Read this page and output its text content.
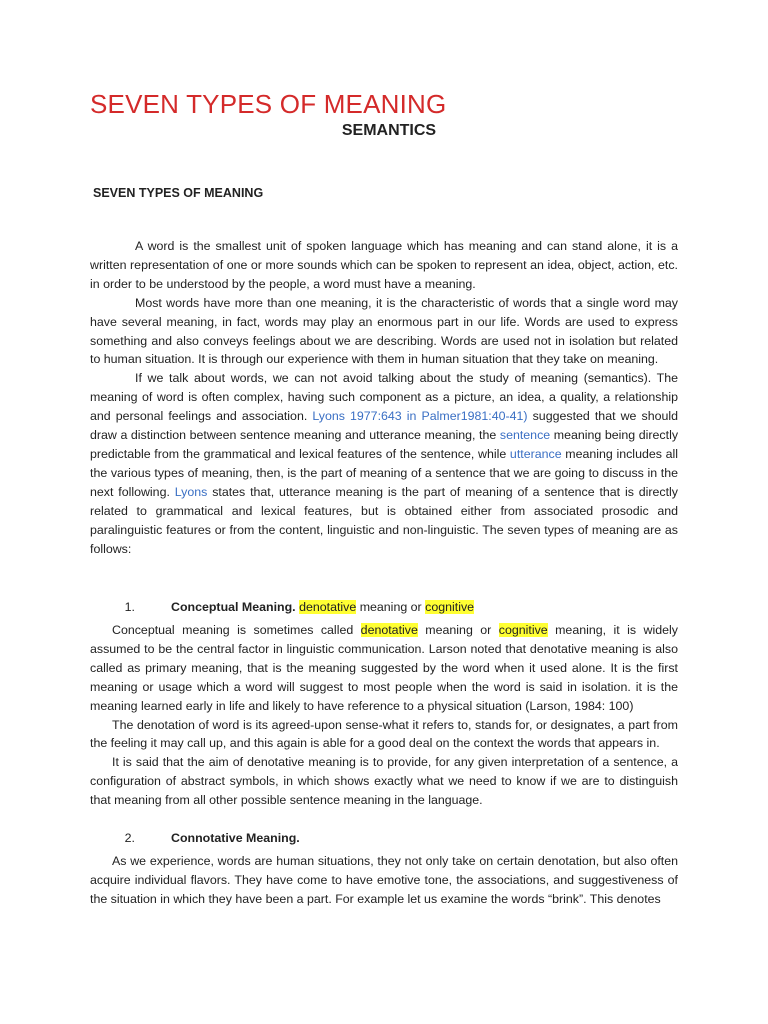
SEVEN TYPES OF MEANING
SEMANTICS
SEVEN TYPES OF MEANING

A word is the smallest unit of spoken language which has meaning and can stand alone, it is a written representation of one or more sounds which can be spoken to represent an idea, object, action, etc. in order to be understood by the people, a word must have a meaning.

Most words have more than one meaning, it is the characteristic of words that a single word may have several meaning, in fact, words may play an enormous part in our life. Words are used to express something and also conveys feelings about we are describing. Words are used not in isolation but related to human situation. It is through our experience with them in human situation that they take on meaning.

If we talk about words, we can not avoid talking about the study of meaning (semantics). The meaning of word is often complex, having such component as a picture, an idea, a quality, a relationship and personal feelings and association. Lyons 1977:643 in Palmer1981:40-41) suggested that we should draw a distinction between sentence meaning and utterance meaning, the sentence meaning being directly predictable from the grammatical and lexical features of the sentence, while utterance meaning includes all the various types of meaning, then, is the part of meaning of a sentence that we are going to discuss in the next following. Lyons states that, utterance meaning is the part of meaning of a sentence that is directly related to grammatical and lexical features, but is obtained either from associated prosodic and paralinguistic features or from the content, linguistic and non-linguistic. The seven types of meaning are as follows:

1.	Conceptual Meaning. denotative meaning or cognitive

Conceptual meaning is sometimes called denotative meaning or cognitive meaning, it is widely assumed to be the central factor in linguistic communication. Larson noted that denotative meaning is also called as primary meaning, that is the meaning suggested by the word when it used alone. It is the first meaning or usage which a word will suggest to most people when the word is said in isolation. it is the meaning learned early in life and likely to have reference to a physical situation (Larson, 1984: 100)

The denotation of word is its agreed-upon sense-what it refers to, stands for, or designates, a part from the feeling it may call up, and this again is able for a good deal on the context the words that appears in.

It is said that the aim of denotative meaning is to provide, for any given interpretation of a sentence, a configuration of abstract symbols, in which shows exactly what we need to know if we are to distinguish that meaning from all other possible sentence meaning in the language.

2.	Connotative Meaning.

As we experience, words are human situations, they not only take on certain denotation, but also often acquire individual flavors. They have come to have emotive tone, the associations, and suggestiveness of the situation in which they have been a part. For example let us examine the words “brink”. This denotes
